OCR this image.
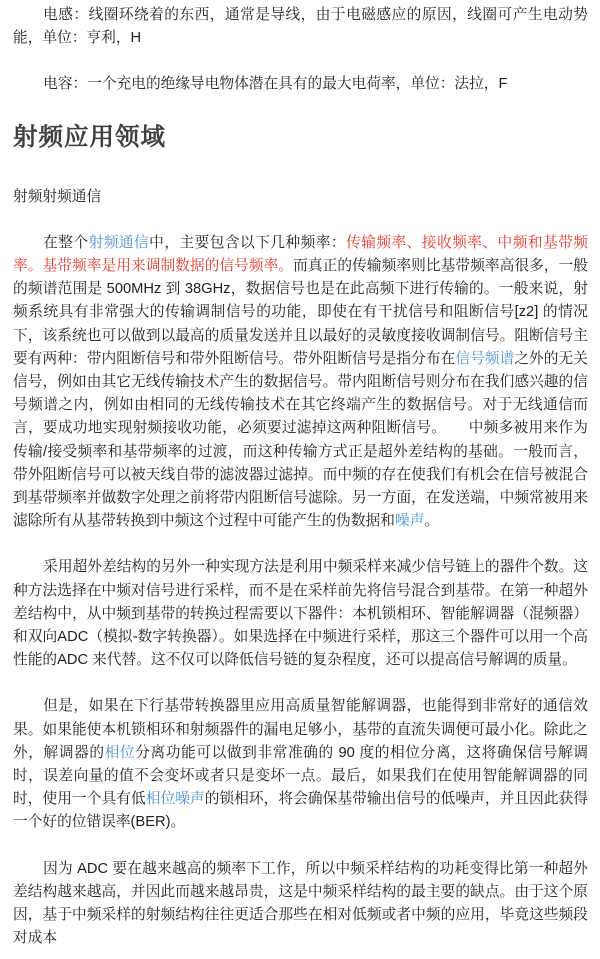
电感：线圈环绕着的东西，通常是导线，由于电磁感应的原因，线圈可产生电动势能，单位：亨利，H

电容：一个充电的绝缘导电物体潜在具有的最大电荷率，单位：法拉，F

射频应用领域

射频射频通信

在整个射频通信中，主要包含以下几种频率：传输频率、接收频率、中频和基带频率。基带频率是用来调制数据的信号频率。而真正的传输频率则比基带频率高很多，一般的频谱范围是 500MHz 到 38GHz，数据信号也是在此高频下进行传输的。一般来说，射频系统具有非常强大的传输调制信号的功能，即使在有干扰信号和阻断信号[z2] 的情况下，该系统也可以做到以最高的质量发送并且以最好的灵敏度接收调制信号。阻断信号主要有两种：带内阻断信号和带外阻断信号。带外阻断信号是指分布在信号频谱之外的无关信号，例如由其它无线传输技术产生的数据信号。带内阻断信号则分布在我们感兴趣的信号频谱之内，例如由相同的无线传输技术在其它终端产生的数据信号。对于无线通信而言，要成功地实现射频接收功能，必须要过滤掉这两种阻断信号。　　中频多被用来作为传输/接受频率和基带频率的过渡，而这种传输方式正是超外差结构的基础。一般而言，带外阻断信号可以被天线自带的滤波器过滤掉。而中频的存在使我们有机会在信号被混合到基带频率并做数字处理之前将带内阻断信号滤除。另一方面，在发送端，中频常被用来滤除所有从基带转换到中频这个过程中可能产生的伪数据和噪声。

采用超外差结构的另外一种实现方法是利用中频采样来减少信号链上的器件个数。这种方法选择在中频对信号进行采样，而不是在采样前先将信号混合到基带。在第一种超外差结构中，从中频到基带的转换过程需要以下器件：本机锁相环、智能解调器（混频器）和双向ADC（模拟-数字转换器）。如果选择在中频进行采样，那这三个器件可以用一个高性能的ADC 来代替。这不仅可以降低信号链的复杂程度，还可以提高信号解调的质量。

但是，如果在下行基带转换器里应用高质量智能解调器，也能得到非常好的通信效果。如果能使本机锁相环和射频器件的漏电足够小，基带的直流失调便可最小化。除此之外，解调器的相位分离功能可以做到非常准确的 90 度的相位分离，这将确保信号解调时，误差向量的值不会变坏或者只是变坏一点。最后，如果我们在使用智能解调器的同时，使用一个具有低相位噪声的锁相环，将会确保基带输出信号的低噪声，并且因此获得一个好的位错误率(BER)。

因为 ADC 要在越来越高的频率下工作，所以中频采样结构的功耗变得比第一种超外差结构越来越高，并因此而越来越昂贵，这是中频采样结构的最主要的缺点。由于这个原因，基于中频采样的射频结构往往更适合那些在相对低频或者中频的应用，毕竟这些频段对成本
